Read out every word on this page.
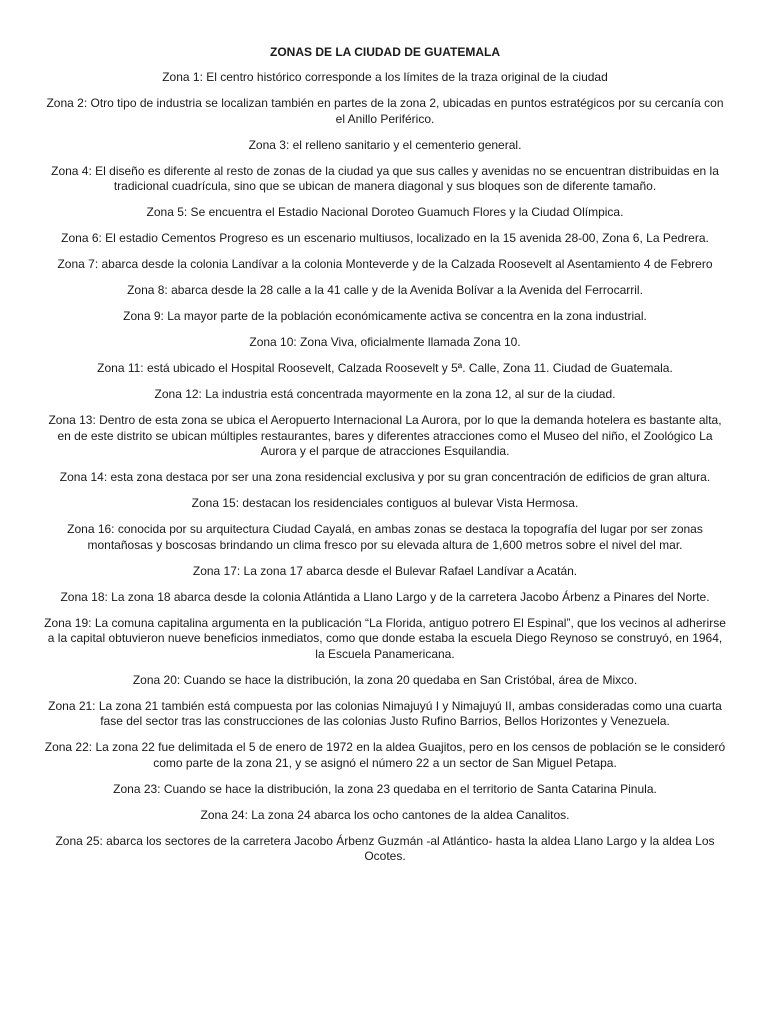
ZONAS DE LA CIUDAD DE GUATEMALA

Zona 1: El centro histórico corresponde a los límites de la traza original de la ciudad

Zona 2: Otro tipo de industria se localizan también en partes de la zona 2, ubicadas en puntos estratégicos por su cercanía con el Anillo Periférico.

Zona 3: el relleno sanitario y el cementerio general.

Zona 4: El diseño es diferente al resto de zonas de la ciudad ya que sus calles y avenidas no se encuentran distribuidas en la tradicional cuadrícula, sino que se ubican de manera diagonal y sus bloques son de diferente tamaño.

Zona 5: Se encuentra el Estadio Nacional Doroteo Guamuch Flores y la Ciudad Olímpica.

Zona 6: El estadio Cementos Progreso es un escenario multiusos, localizado en la 15 avenida 28-00, Zona 6, La Pedrera.

Zona 7: abarca desde la colonia Landívar a la colonia Monteverde y de la Calzada Roosevelt al Asentamiento 4 de Febrero

Zona 8: abarca desde la 28 calle a la 41 calle y de la Avenida Bolívar a la Avenida del Ferrocarril.

Zona 9: La mayor parte de la población económicamente activa se concentra en la zona industrial.

Zona 10: Zona Viva, oficialmente llamada Zona 10.

Zona 11: está ubicado el Hospital Roosevelt, Calzada Roosevelt y 5ª. Calle, Zona 11. Ciudad de Guatemala.

Zona 12: La industria está concentrada mayormente en la zona 12, al sur de la ciudad.

Zona 13: Dentro de esta zona se ubica el Aeropuerto Internacional La Aurora, por lo que la demanda hotelera es bastante alta, en de este distrito se ubican múltiples restaurantes, bares y diferentes atracciones como el Museo del niño, el Zoológico La Aurora y el parque de atracciones Esquilandia.

Zona 14: esta zona destaca por ser una zona residencial exclusiva y por su gran concentración de edificios de gran altura.

Zona 15: destacan los residenciales contiguos al bulevar Vista Hermosa.

Zona 16: conocida por su arquitectura Ciudad Cayalá, en ambas zonas se destaca la topografía del lugar por ser zonas montañosas y boscosas brindando un clima fresco por su elevada altura de 1,600 metros sobre el nivel del mar.

Zona 17: La zona 17 abarca desde el Bulevar Rafael Landívar a Acatán.

Zona 18: La zona 18 abarca desde la colonia Atlántida a Llano Largo y de la carretera Jacobo Árbenz a Pinares del Norte.

Zona 19: La comuna capitalina argumenta en la publicación “La Florida, antiguo potrero El Espinal”, que los vecinos al adherirse a la capital obtuvieron nueve beneficios inmediatos, como que donde estaba la escuela Diego Reynoso se construyó, en 1964, la Escuela Panamericana.

Zona 20: Cuando se hace la distribución, la zona 20 quedaba en San Cristóbal, área de Mixco.

Zona 21: La zona 21 también está compuesta por las colonias Nimajuyú I y Nimajuyú II, ambas consideradas como una cuarta fase del sector tras las construcciones de las colonias Justo Rufino Barrios, Bellos Horizontes y Venezuela.

Zona 22: La zona 22 fue delimitada el 5 de enero de 1972 en la aldea Guajitos, pero en los censos de población se le consideró como parte de la zona 21, y se asignó el número 22 a un sector de San Miguel Petapa.

Zona 23: Cuando se hace la distribución, la zona 23 quedaba en el territorio de Santa Catarina Pinula.

Zona 24: La zona 24 abarca los ocho cantones de la aldea Canalitos.

Zona 25: abarca los sectores de la carretera Jacobo Árbenz Guzmán -al Atlántico- hasta la aldea Llano Largo y la aldea Los Ocotes.
